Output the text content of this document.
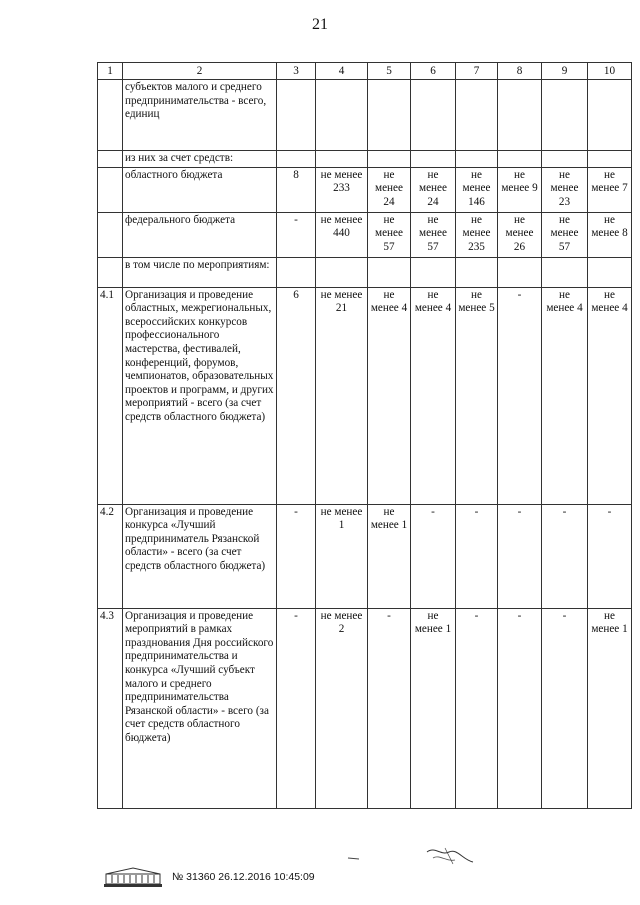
21
1	2	3	4	5	6	7	8	9	10
	субъектов малого и среднего предпринимательства - всего, единиц								
	из них за счет средств:								
	областного бюджета	8	не менее 233	не менее 24	не менее 24	не менее 146	не менее 9	не менее 23	не менее 7
	федерального бюджета	-	не менее 440	не менее 57	не менее 57	не менее 235	не менее 26	не менее 57	не менее 8
	в том числе по мероприятиям:								
4.1	Организация и проведение областных, межрегиональных, всероссийских конкурсов профессионального мастерства, фестивалей, конференций, форумов, чемпионатов, образовательных проектов и программ, и других мероприятий - всего (за счет средств областного бюджета)	6	не менее 21	не менее 4	не менее 4	не менее 5	-	не менее 4	не менее 4
4.2	Организация и проведение конкурса «Лучший предприниматель Рязанской области» - всего (за счет средств областного бюджета)	-	не менее 1	не менее 1	-	-	-	-	-
4.3	Организация и проведение мероприятий в рамках празднования Дня российского предпринимательства и конкурса «Лучший субъект малого и среднего предпринимательства Рязанской области» - всего (за счет средств областного бюджета)	-	не менее 2	-	не менее 1	-	-	-	не менее 1
№ 31360 26.12.2016 10:45:09
